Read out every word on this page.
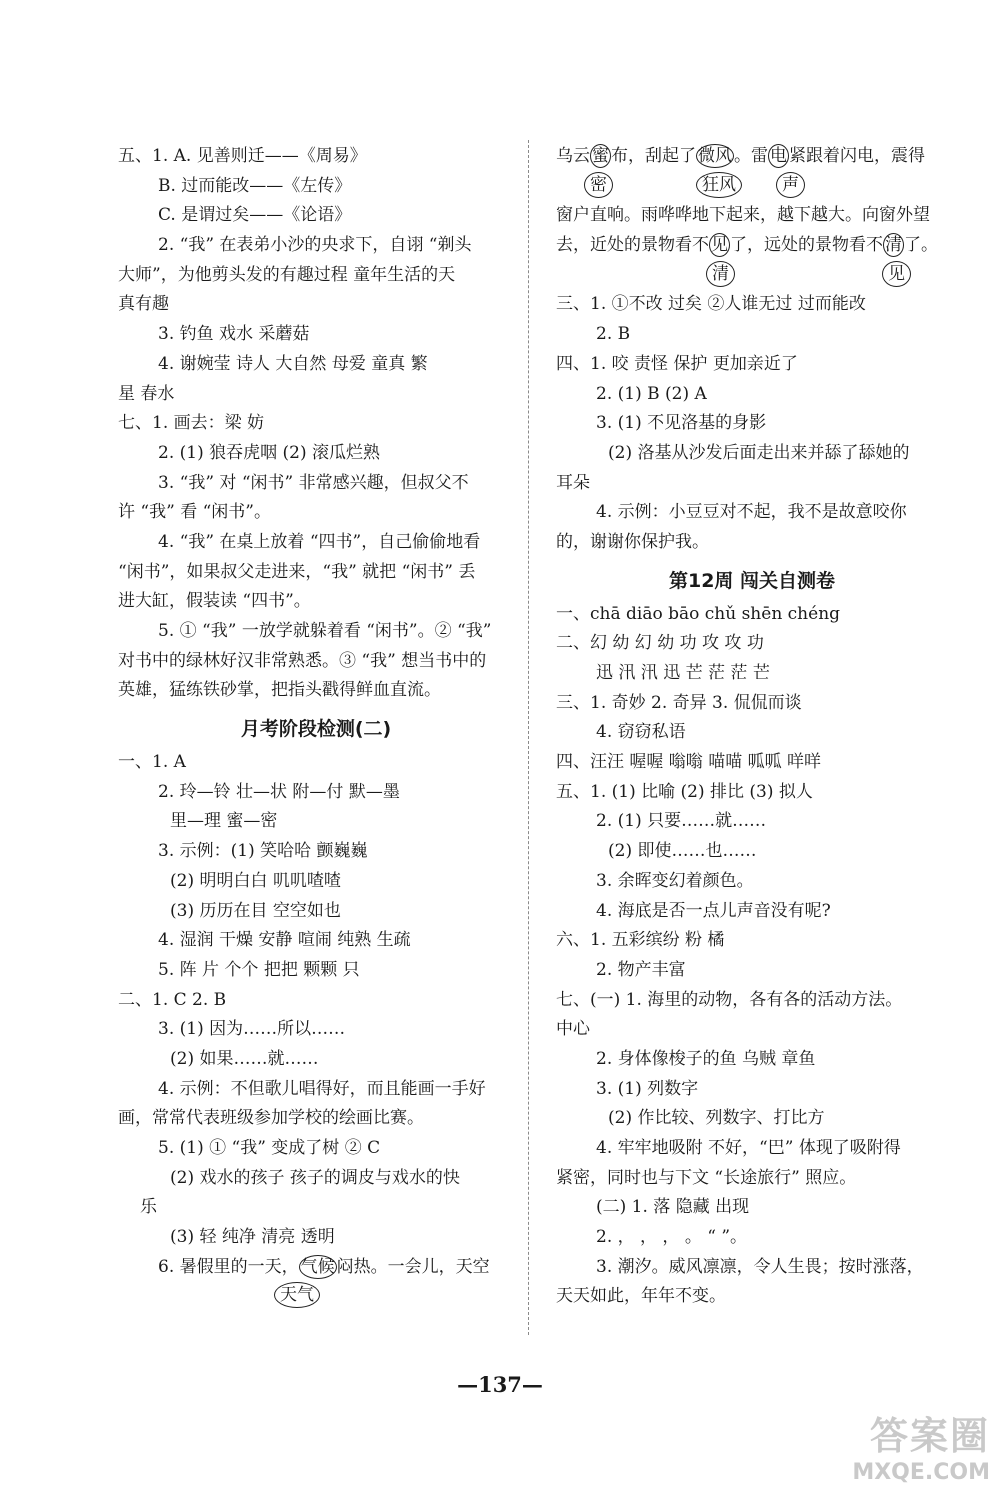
五、1. A. 见善则迁——《周易》
B. 过而能改——《左传》
C. 是谓过矣——《论语》
2. “我” 在表弟小沙的央求下，自诩 “剃头
大师”，为他剪头发的有趣过程 童年生活的天
真有趣
3. 钓鱼 戏水 采蘑菇
4. 谢婉莹 诗人 大自然 母爱 童真 繁
星 春水
七、1. 画去：梁 妨
2. (1) 狼吞虎咽 (2) 滚瓜烂熟
3. “我” 对 “闲书” 非常感兴趣，但叔父不
许 “我” 看 “闲书”。
4. “我” 在桌上放着 “四书”，自己偷偷地看
“闲书”，如果叔父走进来，“我” 就把 “闲书” 丢
进大缸，假装读 “四书”。
5. ① “我” 一放学就躲着看 “闲书”。② “我”
对书中的绿林好汉非常熟悉。③ “我” 想当书中的
英雄，猛练铁砂掌，把指头戳得鲜血直流。
月考阶段检测(二)
一、1. A
2. 玲—铃 壮—状 附—付 默—墨
里—理 蜜—密
3. 示例：(1) 笑哈哈 颤巍巍
(2) 明明白白 叽叽喳喳
(3) 历历在目 空空如也
4. 湿润 干燥 安静 喧闹 纯熟 生疏
5. 阵 片 个个 把把 颗颗 只
二、1. C 2. B
3. (1) 因为……所以……
(2) 如果……就……
4. 示例：不但歌儿唱得好，而且能画一手好
画，常常代表班级参加学校的绘画比赛。
5. (1) ① “我” 变成了树 ② C
(2) 戏水的孩子 孩子的调皮与戏水的快
乐
(3) 轻 纯净 清亮 透明
6. 暑假里的一天， 气候 闷热。一会儿，天空
天气
乌云 蜜 布，刮起了 微风 。雷 电 紧跟着闪电，震得
密	狂风	声
窗户直响。雨哗哗地下起来，越下越大。向窗外望
去，近处的景物看不 见 了，远处的景物看不 清 了。
清	见
三、1. ①不改 过矣 ②人谁无过 过而能改
2. B
四、1. 咬 责怪 保护 更加亲近了
2. (1) B (2) A
3. (1) 不见洛基的身影
(2) 洛基从沙发后面走出来并舔了舔她的
耳朵
4. 示例：小豆豆对不起，我不是故意咬你
的，谢谢你保护我。
第12周 闯关自测卷
一、chā diāo bāo chǔ shēn chéng
二、幻 幼 幻 幼 功 攻 攻 功
迅 汛 汛 迅 芒 茫 茫 芒
三、1. 奇妙 2. 奇异 3. 侃侃而谈
4. 窃窃私语
四、汪汪 喔喔 嗡嗡 喵喵 呱呱 咩咩
五、1. (1) 比喻 (2) 排比 (3) 拟人
2. (1) 只要……就……
(2) 即使……也……
3. 余晖变幻着颜色。
4. 海底是否一点儿声音没有呢?
六、1. 五彩缤纷 粉 橘
2. 物产丰富
七、(一) 1. 海里的动物，各有各的活动方法。
中心
2. 身体像梭子的鱼 乌贼 章鱼
3. (1) 列数字
(2) 作比较、列数字、打比方
4. 牢牢地吸附 不好，“巴” 体现了吸附得
紧密，同时也与下文 “长途旅行” 照应。
(二) 1. 落 隐藏 出现
2. ， ， ， 。 “ ”。
3. 潮汐。威风凛凛，令人生畏；按时涨落，
天天如此，年年不变。
—137—
答案圈
MXQE.COM
